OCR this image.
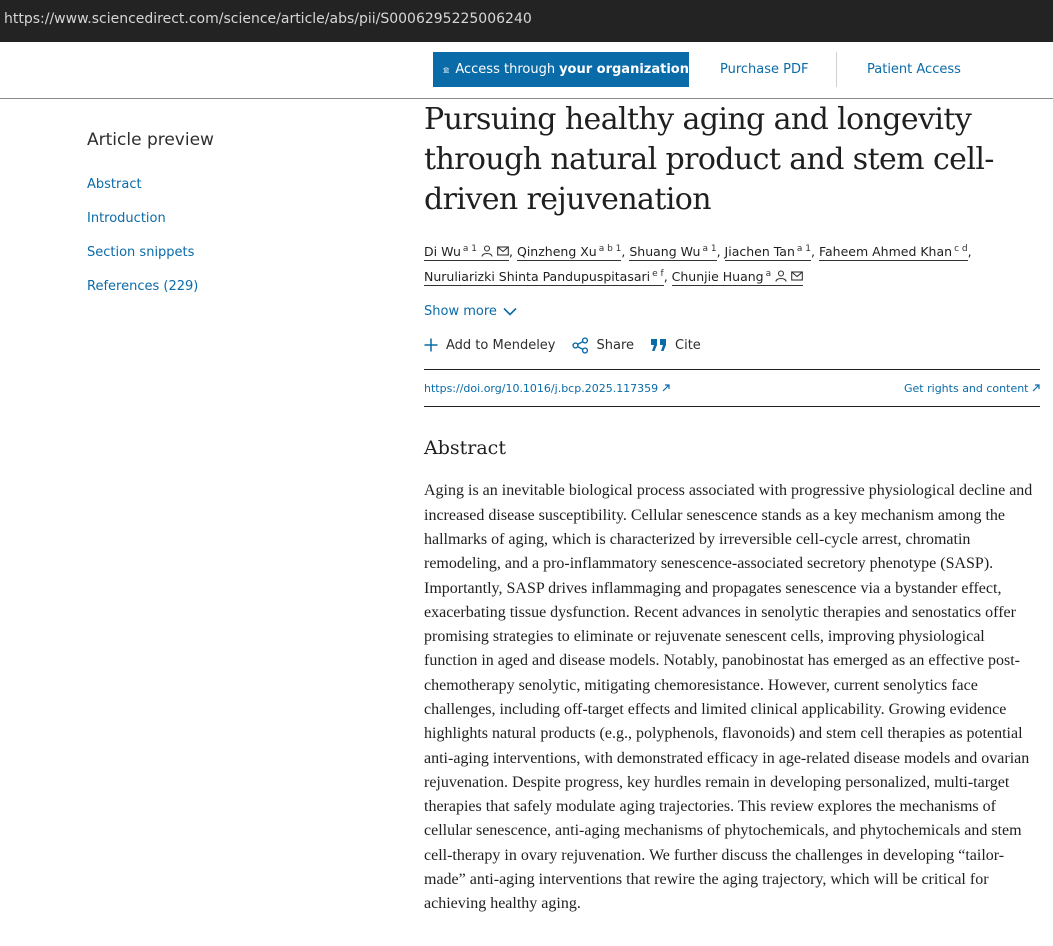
https://www.sciencedirect.com/science/article/abs/pii/S0006295225006240
Access through your organization Purchase PDF	Patient Access
Article preview
Abstract
Introduction
Section snippets
References (229)
Pursuing healthy aging and longevity through natural product and stem cell-driven rejuvenation
Di Wu $^{a 1}$	, Qinzheng Xu $^{a b 1}$, Shuang Wu $^{a 1}$, Jiachen Tan $^{a 1}$, Faheem Ahmed Khan $^{c d}$, Nuruliarizki Shinta Pandupuspitasari $^{e f}$, Chunjie Huang $^a$
Show more
Add to Mendeley	Share	Cite
https://doi.org/10.1016/j.bcp.2025.117359	Get rights and content
Abstract
Aging is an inevitable biological process associated with progressive physiological decline and increased disease susceptibility. Cellular senescence stands as a key mechanism among the hallmarks of aging, which is characterized by irreversible cell-cycle arrest, chromatin remodeling, and a pro-inflammatory senescence-associated secretory phenotype (SASP). Importantly, SASP drives inflammaging and propagates senescence via a bystander effect, exacerbating tissue dysfunction. Recent advances in senolytic therapies and senostatics offer promising strategies to eliminate or rejuvenate senescent cells, improving physiological function in aged and disease models. Notably, panobinostat has emerged as an effective post-chemotherapy senolytic, mitigating chemoresistance. However, current senolytics face challenges, including off-target effects and limited clinical applicability. Growing evidence highlights natural products (e.g., polyphenols, flavonoids) and stem cell therapies as potential anti-aging interventions, with demonstrated efficacy in age-related disease models and ovarian rejuvenation. Despite progress, key hurdles remain in developing personalized, multi-target therapies that safely modulate aging trajectories. This review explores the mechanisms of cellular senescence, anti-aging mechanisms of phytochemicals, and phytochemicals and stem cell-therapy in ovary rejuvenation. We further discuss the challenges in developing “tailor-made” anti-aging interventions that rewire the aging trajectory, which will be critical for achieving healthy aging.
